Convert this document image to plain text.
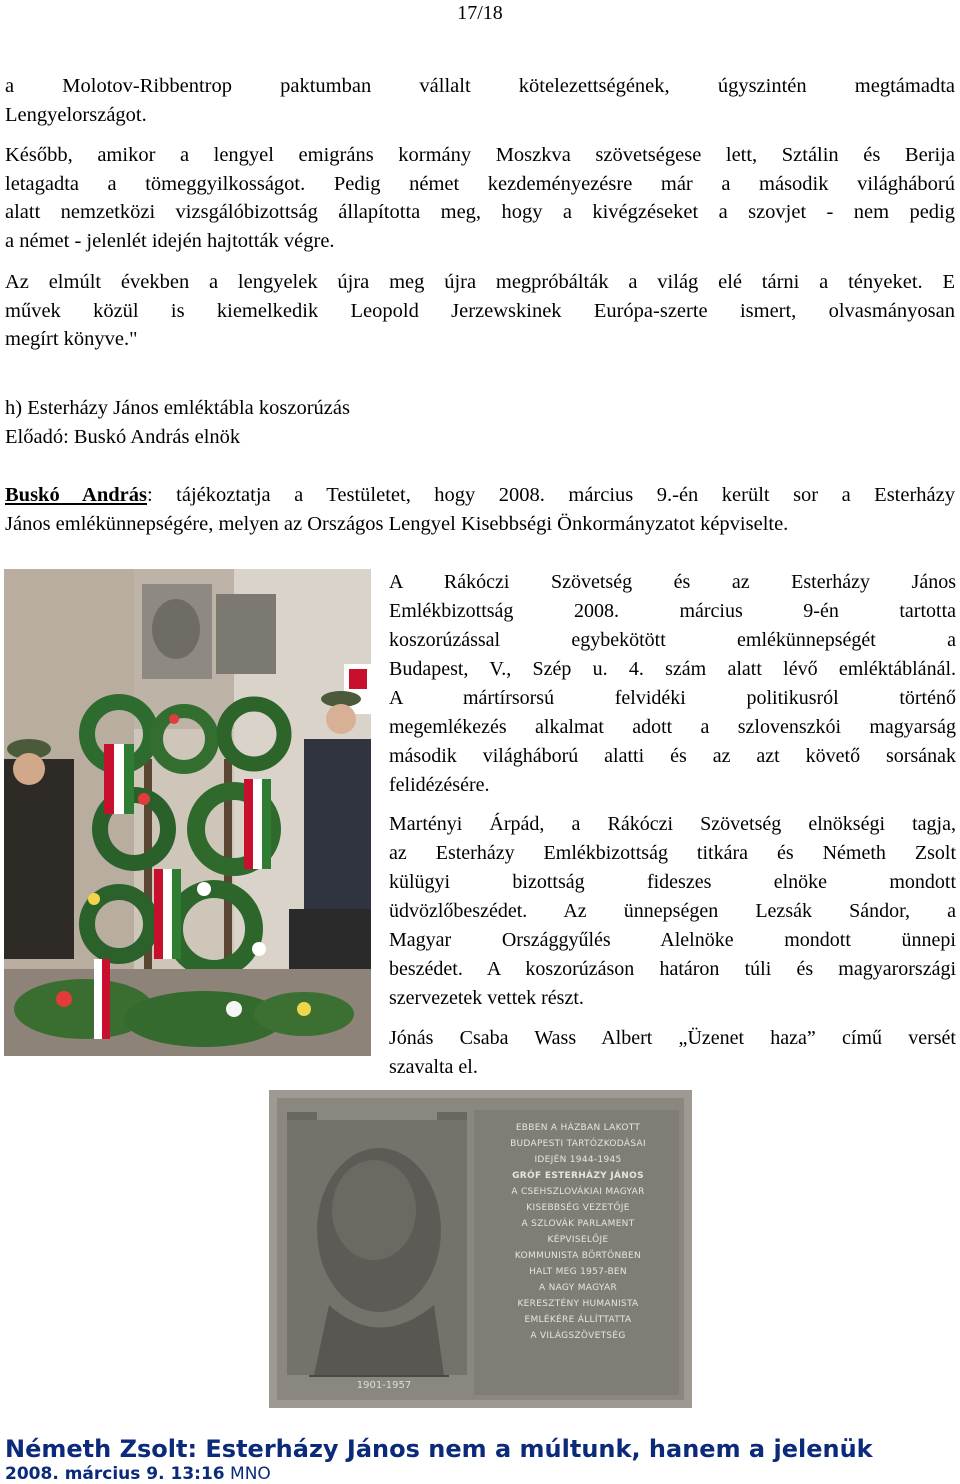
17/18
a Molotov-Ribbentrop paktumban vállalt kötelezettségének, úgyszintén megtámadta
Lengyelországot.
Később, amikor a lengyel emigráns kormány Moszkva szövetségese lett, Sztálin és Berija
letagadta a tömeggyilkosságot. Pedig német kezdeményezésre már a második világháború
alatt nemzetközi vizsgálóbizottság állapította meg, hogy a kivégzéseket a szovjet - nem pedig
a német - jelenlét idején hajtották végre.
Az elmúlt években a lengyelek újra meg újra megpróbálták a világ elé tárni a tényeket. E
művek közül is kiemelkedik Leopold Jerzewskinek Európa-szerte ismert, olvasmányosan
megírt könyve."
h) Esterházy János emléktábla koszorúzás
Előadó: Buskó András elnök
Buskó András: tájékoztatja a Testületet, hogy 2008. március 9.-én került sor a Esterházy
János emlékünnepségére, melyen az Országos Lengyel Kisebbségi Önkormányzatot képviselte.
A Rákóczi Szövetség és az Esterházy János
Emlékbizottság 2008. március 9-én tartotta
koszorúzással egybekötött emlékünnepségét a
Budapest, V., Szép u. 4. szám alatt lévő emléktáblánál.
A mártírsorsú felvidéki politikusról történő
megemlékezés alkalmat adott a szlovenszkói magyarság
második világháború alatti és az azt követő sorsának
felidézésére.
Martényi Árpád, a Rákóczi Szövetség elnökségi tagja,
az Esterházy Emlékbizottság titkára és Németh Zsolt
külügyi bizottság fideszes elnöke mondott
üdvözlőbeszédet. Az ünnepségen Lezsák Sándor, a
Magyar Országgyűlés Alelnöke mondott ünnepi
beszédet. A koszorúzáson határon túli és magyarországi
szervezetek vettek részt.
Jónás Csaba Wass Albert „Üzenet haza” című versét
szavalta el.
EBBEN A HÁZBAN LAKOTT
BUDAPESTI TARTÓZKODÁSAI
IDEJÉN 1944-1945
GRÓF ESTERHÁZY JÁNOS
A CSEHSZLOVÁKIAI MAGYAR
KISEBBSÉG VEZETŐJE
A SZLOVÁK PARLAMENT
KÉPVISELŐJE
KOMMUNISTA BÖRTÖNBEN
HALT MEG 1957-BEN
A NAGY MAGYAR
KERESZTÉNY HUMANISTA
EMLÉKÉRE ÁLLÍTTATTA
A VILÁGSZÖVETSÉG
1901-1957
Németh Zsolt: Esterházy János nem a múltunk, hanem a jelenük
2008. március 9. 13:16 MNO
